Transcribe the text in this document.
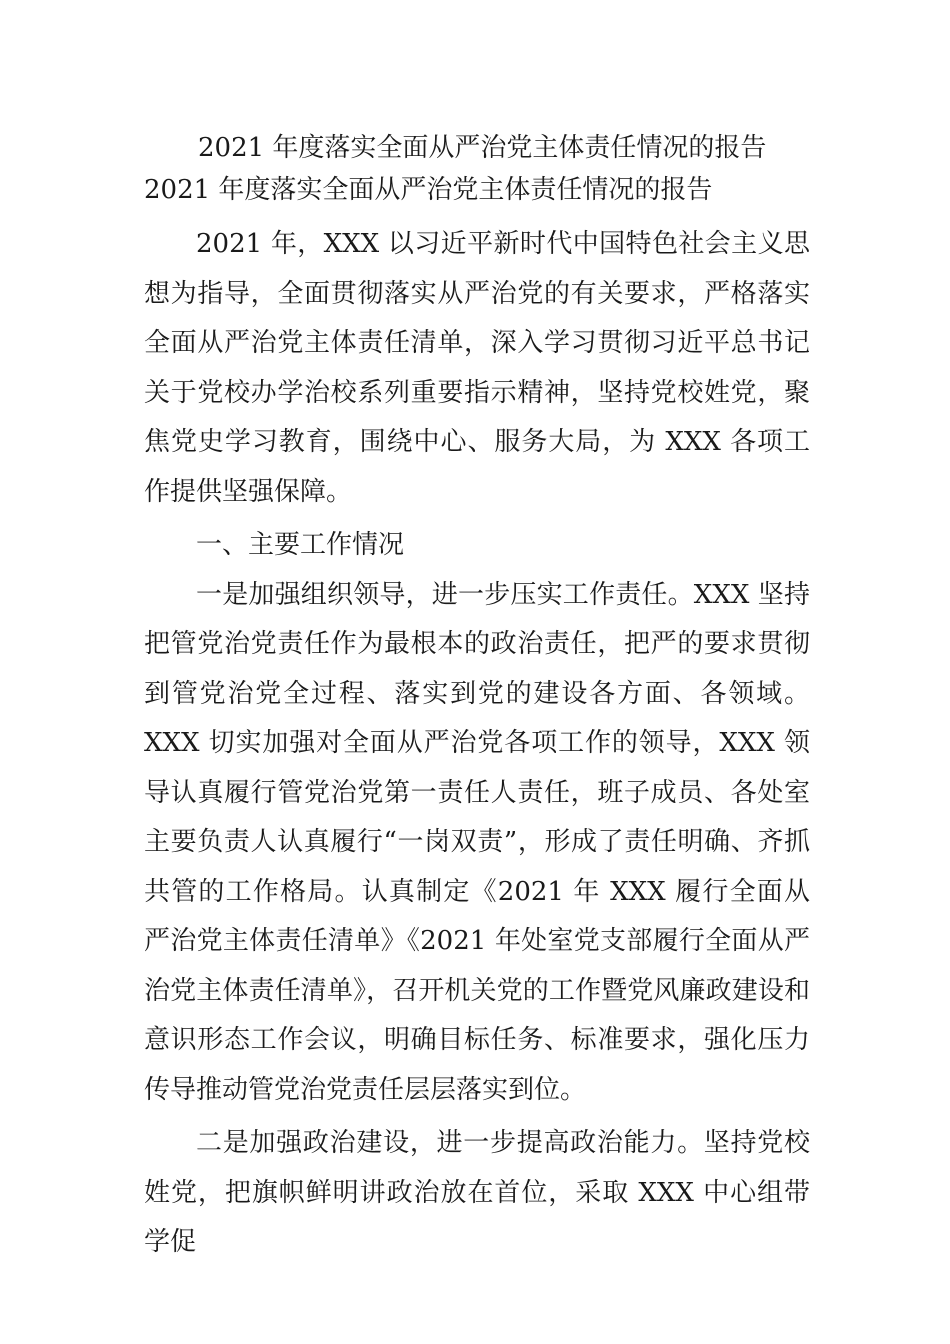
2021 年度落实全面从严治党主体责任情况的报告

2021 年度落实全面从严治党主体责任情况的报告

2021 年，XXX 以习近平新时代中国特色社会主义思想为指导，全面贯彻落实从严治党的有关要求，严格落实全面从严治党主体责任清单，深入学习贯彻习近平总书记关于党校办学治校系列重要指示精神，坚持党校姓党，聚焦党史学习教育，围绕中心、服务大局，为 XXX 各项工作提供坚强保障。

一、主要工作情况

一是加强组织领导，进一步压实工作责任。XXX 坚持把管党治党责任作为最根本的政治责任，把严的要求贯彻到管党治党全过程、落实到党的建设各方面、各领域。XXX 切实加强对全面从严治党各项工作的领导，XXX 领导认真履行管党治党第一责任人责任，班子成员、各处室主要负责人认真履行“一岗双责”，形成了责任明确、齐抓共管的工作格局。认真制定《2021 年 XXX 履行全面从严治党主体责任清单》《2021 年处室党支部履行全面从严治党主体责任清单》，召开机关党的工作暨党风廉政建设和意识形态工作会议，明确目标任务、标准要求，强化压力传导推动管党治党责任层层落实到位。

二是加强政治建设，进一步提高政治能力。坚持党校姓党，把旗帜鲜明讲政治放在首位，采取 XXX 中心组带学促
